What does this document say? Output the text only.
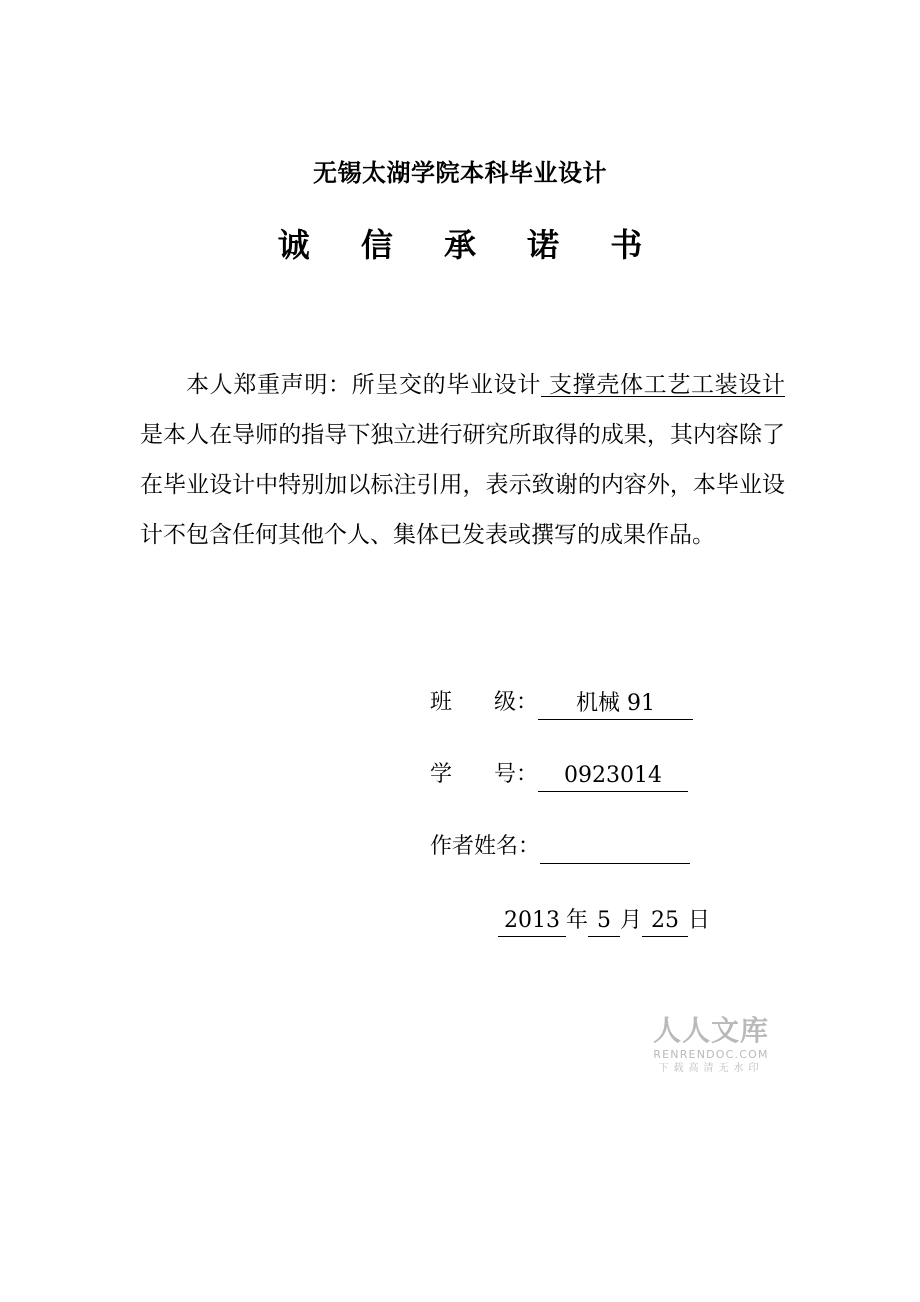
无锡太湖学院本科毕业设计
诚 信 承 诺 书
本人郑重声明：所呈交的毕业设计 支撑壳体工艺工装设计 是本人在导师的指导下独立进行研究所取得的成果，其内容除了在毕业设计中特别加以标注引用，表示致谢的内容外，本毕业设计不包含任何其他个人、集体已发表或撰写的成果作品。
班      级： 机械 91
学      号： 0923014
作者姓名：
2013 年 5 月 25 日
人人文库
RENRENDOC.COM
下载高清无水印
